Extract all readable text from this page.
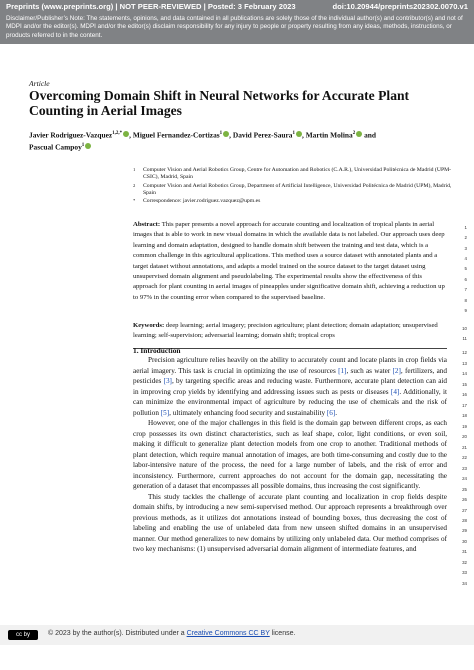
Preprints (www.preprints.org) | NOT PEER-REVIEWED | Posted: 3 February 2023	doi:10.20944/preprints202302.0070.v1
Disclaimer/Publisher’s Note: The statements, opinions, and data contained in all publications are solely those of the individual author(s) and contributor(s) and not of MDPI and/or the editor(s). MDPI and/or the editor(s) disclaim responsibility for any injury to people or property resulting from any ideas, methods, instructions, or products referred to in the content.
Article
Overcoming Domain Shift in Neural Networks for Accurate Plant Counting in Aerial Images
Javier Rodriguez-Vazquez$^{1,2,*}$ , Miguel Fernandez-Cortizas$^1$ , David Perez-Saura$^1$ , Martin Molina$^2$ and
Pascual Campoy$^1$
1 Computer Vision and Aerial Robotics Group, Centre for Automation and Robotics (C.A.R.), Universidad Politécnica de Madrid (UPM-CSIC), Madrid, Spain
2 Computer Vision and Aerial Robotics Group, Department of Artificial Intelligence, Universidad Politécnica de Madrid (UPM), Madrid, Spain
* Correspondence: javier.rodriguez.vazquez@upm.es
Abstract: This paper presents a novel approach for accurate counting and localization of tropical plants in aerial images that is able to work in new visual domains in which the available data is not labeled. Our approach uses deep learning and domain adaptation, designed to handle domain shift between the training and test data, which is a common challenge in this agricultural applications. This method uses a source dataset with annotated plants and a target dataset without annotations, and adapts a model trained on the source dataset to the target dataset using unsupervised domain alignment and pseudolabeling. The experimental results show the effectiveness of this approach for plant counting in aerial images of pineapples under significative domain shift, achieving a reduction up to 97% in the counting error when compared to the supervised baseline.
Keywords: deep learning; aerial imagery; precision agriculture; plant detection; domain adaptation; unsupervised learning; self-supervision; adversarial learning; domain shift; tropical crops
1. Introduction

Precision agriculture relies heavily on the ability to accurately count and locate plants in crop fields via aerial imagery. This task is crucial in optimizing the use of resources [1], such as water [2], fertilizers, and pesticides [3], by targeting specific areas and reducing waste. Furthermore, accurate plant detection can aid in improving crop yields by identifying and addressing issues such as pests or diseases [4]. Additionally, it can minimize the environmental impact of agriculture by reducing the use of chemicals and the risk of pollution [5], ultimately enhancing food security and sustainability [6].

However, one of the major challenges in this field is the domain gap between different crops, as each crop possesses its own distinct characteristics, such as leaf shape, color, light conditions, or even soil, making it difficult to generalize plant detection models from one crop to another. Traditional methods of plant detection, which require manual annotation of images, are both time-consuming and costly due to the labor-intensive nature of the process, the need for a large number of labels, and the risk of error and inconsistency. Furthermore, current approaches do not account for the domain gap, necessitating the generation of a dataset that encompasses all possible domains, thus increasing the cost significantly.

This study tackles the challenge of accurate plant counting and localization in crop fields despite domain shifts, by introducing a new semi-supervised method. Our approach represents a breakthrough over previous methods, as it utilizes dot annotations instead of bounding boxes, thus decreasing the cost of labeling and enabling the use of unlabeled data from new unseen shifted domains in an unsupervised manner. Our method generalizes to new domains by utilizing only unlabeled data. Our method comprises of two key mechanisms: (1) unsupervised adversarial domain alignment of intermediate features, and

1
2
3
4
5
6
7
8
9
10
11
12
13
14
15
16
17
18
19
20
21
22
23
24
25
26
27
28
29
30
31
32
33
34
cc by	© 2023 by the author(s). Distributed under a Creative Commons CC BY license.
